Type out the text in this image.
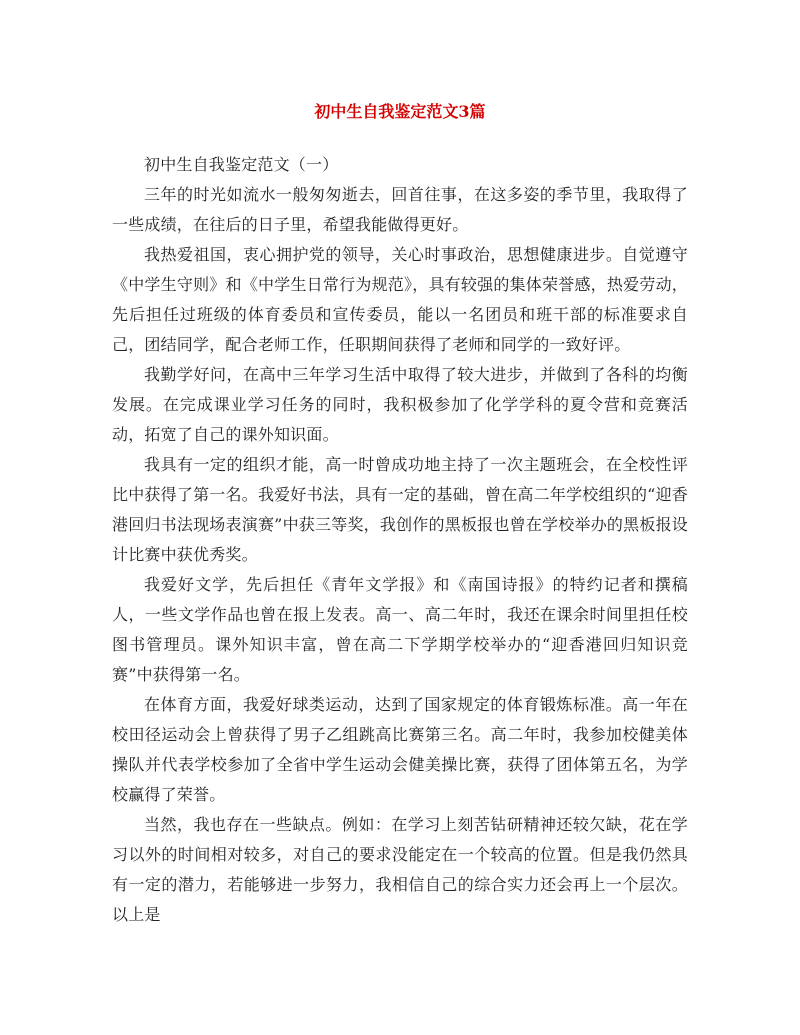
初中生自我鉴定范文3篇

初中生自我鉴定范文（一）

三年的时光如流水一般匆匆逝去，回首往事，在这多姿的季节里，我取得了一些成绩，在往后的日子里，希望我能做得更好。

我热爱祖国，衷心拥护党的领导，关心时事政治，思想健康进步。自觉遵守《中学生守则》和《中学生日常行为规范》，具有较强的集体荣誉感，热爱劳动，先后担任过班级的体育委员和宣传委员，能以一名团员和班干部的标准要求自己，团结同学，配合老师工作，任职期间获得了老师和同学的一致好评。

我勤学好问，在高中三年学习生活中取得了较大进步，并做到了各科的均衡发展。在完成课业学习任务的同时，我积极参加了化学学科的夏令营和竞赛活动，拓宽了自己的课外知识面。

我具有一定的组织才能，高一时曾成功地主持了一次主题班会，在全校性评比中获得了第一名。我爱好书法，具有一定的基础，曾在高二年学校组织的“迎香港回归书法现场表演赛”中获三等奖，我创作的黑板报也曾在学校举办的黑板报设计比赛中获优秀奖。

我爱好文学，先后担任《青年文学报》和《南国诗报》的特约记者和撰稿人，一些文学作品也曾在报上发表。高一、高二年时，我还在课余时间里担任校图书管理员。课外知识丰富，曾在高二下学期学校举办的“迎香港回归知识竞赛”中获得第一名。

在体育方面，我爱好球类运动，达到了国家规定的体育锻炼标准。高一年在校田径运动会上曾获得了男子乙组跳高比赛第三名。高二年时，我参加校健美体操队并代表学校参加了全省中学生运动会健美操比赛，获得了团体第五名，为学校赢得了荣誉。

当然，我也存在一些缺点。例如：在学习上刻苦钻研精神还较欠缺，花在学习以外的时间相对较多，对自己的要求没能定在一个较高的位置。但是我仍然具有一定的潜力，若能够进一步努力，我相信自己的综合实力还会再上一个层次。以上是
